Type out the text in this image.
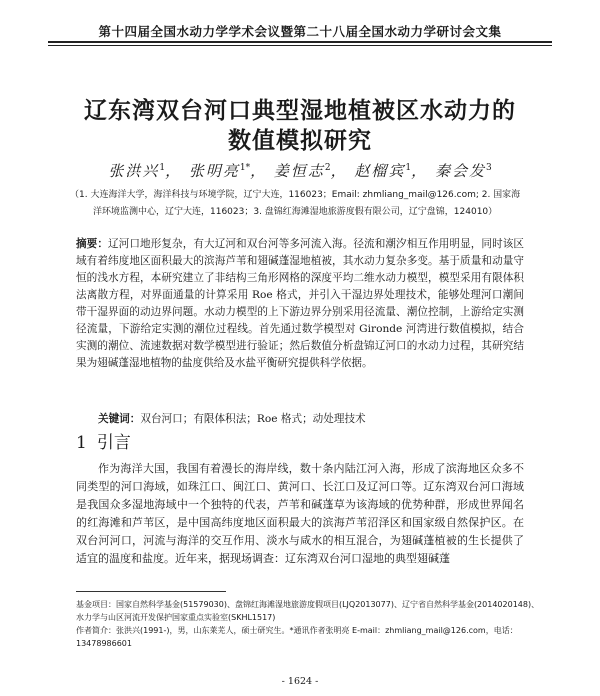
第十四届全国水动力学学术会议暨第二十八届全国水动力学研讨会文集
辽东湾双台河口典型湿地植被区水动力的
数值模拟研究
张洪兴$^1$， 张明亮$^{1*}$， 姜恒志$^2$， 赵榴宾$^1$， 秦会发$^3$
（1. 大连海洋大学，海洋科技与环境学院，辽宁大连，116023；Email: zhmliang_mail@126.com; 2. 国家海
洋环境监测中心，辽宁大连，116023；3. 盘锦红海滩湿地旅游度假有限公司，辽宁盘锦，124010）
摘要：辽河口地形复杂，有大辽河和双台河等多河流入海。径流和潮汐相互作用明显，同时该区域有着纬度地区面积最大的滨海芦苇和翅碱蓬湿地植被，其水动力复杂多变。基于质量和动量守恒的浅水方程，本研究建立了非结构三角形网格的深度平均二维水动力模型，模型采用有限体积法离散方程，对界面通量的计算采用 Roe 格式，并引入干湿边界处理技术，能够处理河口潮间带干湿界面的动边界问题。水动力模型的上下游边界分别采用径流量、潮位控制，上游给定实测径流量，下游给定实测的潮位过程线。首先通过数学模型对 Gironde 河湾进行数值模拟，结合实测的潮位、流速数据对数学模型进行验证；然后数值分析盘锦辽河口的水动力过程，其研究结果为翅碱蓬湿地植物的盐度供给及水盐平衡研究提供科学依据。
关键词：双台河口；有限体积法；Roe 格式；动处理技术
1 引言
作为海洋大国，我国有着漫长的海岸线，数十条内陆江河入海，形成了滨海地区众多不同类型的河口海域，如珠江口、闽江口、黄河口、长江口及辽河口等。辽东湾双台河口海域是我国众多湿地海域中一个独特的代表，芦苇和碱蓬草为该海域的优势种群，形成世界闻名的红海滩和芦苇区，是中国高纬度地区面积最大的滨海芦苇沼泽区和国家级自然保护区。在双台河河口，河流与海洋的交互作用、淡水与咸水的相互混合，为翅碱蓬植被的生长提供了适宜的温度和盐度。近年来，据现场调查：辽东湾双台河口湿地的典型翅碱蓬
基金项目：国家自然科学基金(51579030)、盘锦红海滩湿地旅游度假项目(LJQ2013077)、辽宁省自然科学基金(2014020148)、
水力学与山区河流开发保护国家重点实验室(SKHL1517)
作者简介：张洪兴(1991-)，男，山东莱芜人，硕士研究生。*通讯作者张明亮 E-mail：zhmliang_mail@126.com，电话：
13478986601
- 1624 -
